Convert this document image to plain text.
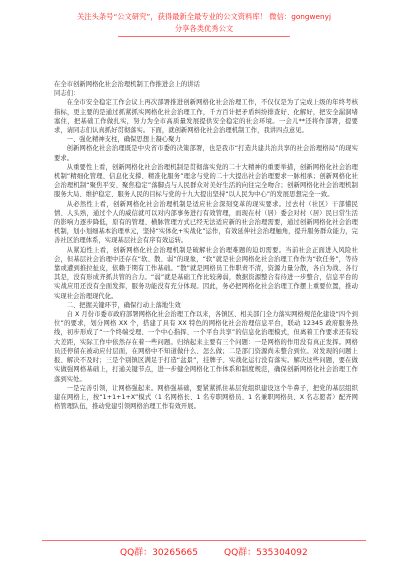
关注头条号“公文研究”，获得最新全最专业的公文资料库！ 微信：gongwenyj
分享各类优秀公文

在全市创新网格化社会治理机制工作推进会上的讲话

同志们：

在全市安全稳定工作会议上再次部署推进创新网格化社会治理工作，不仅仅是为了完成上级的年终考核指标，更主要的是通过抓紧抓实网格化社会治理工作，千方百计把矛盾纠纷排查好、化解好，把安全漏洞堵塞住，把基础工作做扎实，努力为全市高质量发展提供安全稳定的社会环境。一会儿**还将作部署，提要求，请同志们认真抓好贯彻落实。下面，就创新网格化社会治理机制工作，我讲四点意见。

一、强化精神支柱，确保思想上凝心聚力

创新网格化社会治理既是中央省市委的决策部署，也是我市“打造共建共治共享的社会治理格局”的现实要求。

从重要性上看，创新网格化社会治理机制是贯彻落实党的二十大精神的重要举措，创新网格化社会治理机制“精细化管理、信息化支撑、精准化服务”理念与党的二十大提出社会治理要求一脉相承；创新网格化社会治理机制“聚焦平安、聚焦稳定”落脚点与人民群众对美好生活的向往完全吻合；创新网格化社会治理机制服务大局、维护稳定、服务人民的目标与党的十九大提出坚持“以人民为中心”的发展思想完全一致。

从必然性上看，创新网格化社会治理机制是适应社会深刻变革的现实要求。过去村（社区）干部懂民情、人头熟，通过个人的威信就可以对内部事务进行有效管理，而现在村（居）委会对村（居）民日常生活的影响力逐步降低，原有的管理、横脉管理方式已经无法适应新的社会治理需要，通过创新网格化社会治理机制，划小划细基本治理单元，坚持“实体化+实战化”运作，有效延伸社会治理触角，提升服务群众能力，完善社区治理体系，实现基层社会有序有效运转。

从紧迫性上看，创新网格化社会治理机制是破解社会治理难题的迫切需要。当前社会正面进入风险社会，但基层社会治理中还存在“软、散、弱”的现象，“软”就是社会网格化社会治理工作作为“软任务”，等待靠或遭到推拉扯皮，依赖于期有工作基础。“散”就是网格员工作职责不清，资源力量分散，各自为战、各行其是，没有形成齐抓共管的合力。“弱”就是基础工作比较薄弱，数据资源整合有待进一步整合，信息平台的实战应用还没有全面发挥，服务功能没有充分体现。因此，务必把网格化社会治理工作摆上重要位置，推动实现社会治理现代化。

二、把握关键环节，确保行动上落地生效

自 X 月份市委市政府部署网格化社会治理工作以来，各镇区、相关部门全力落实网格规范化建设“四个到位”的要求，划分网格 XX 个，搭建了具有 XX 特色的网格化社会治理信息平台，联动 12345 政府服务热线，初步形成了“一个终端受理、一个中心指挥、一个平台共享”的信息化治理模式，但离着工作要求还有较大差距，实际工作中依然存在着一些问题。归纳起来主要有三个问题：一是网格的作用没有真正发挥。网格员还停留在被动应付层面，在网格中不知道做什么、怎么做；二是部门资源尚未整合到位。对发现的问题上报、解决不及时；三是个别镇区满足于打造“盆景”，挂牌子、实战化运行没有落实。解决这些问题，要在做实做强网格基础上，打通关键节点，进一步健全网格化工作体系和制度规范，确保创新网格化社会治理工作落到实处。

一是完善引领，让网格强起来。网格强基础，要紧紧抓住基层党组织建设这个牛鼻子，把党的基层组织建在网格上，按“1+1+1+X”模式（1 名网格长、1 名专职网格员、1 名兼职网格员、X 名志愿者）配齐网格管理队伍，推动党建引领网格治理工作有效开展。

QQ群：30265665	QQ群：535304092
